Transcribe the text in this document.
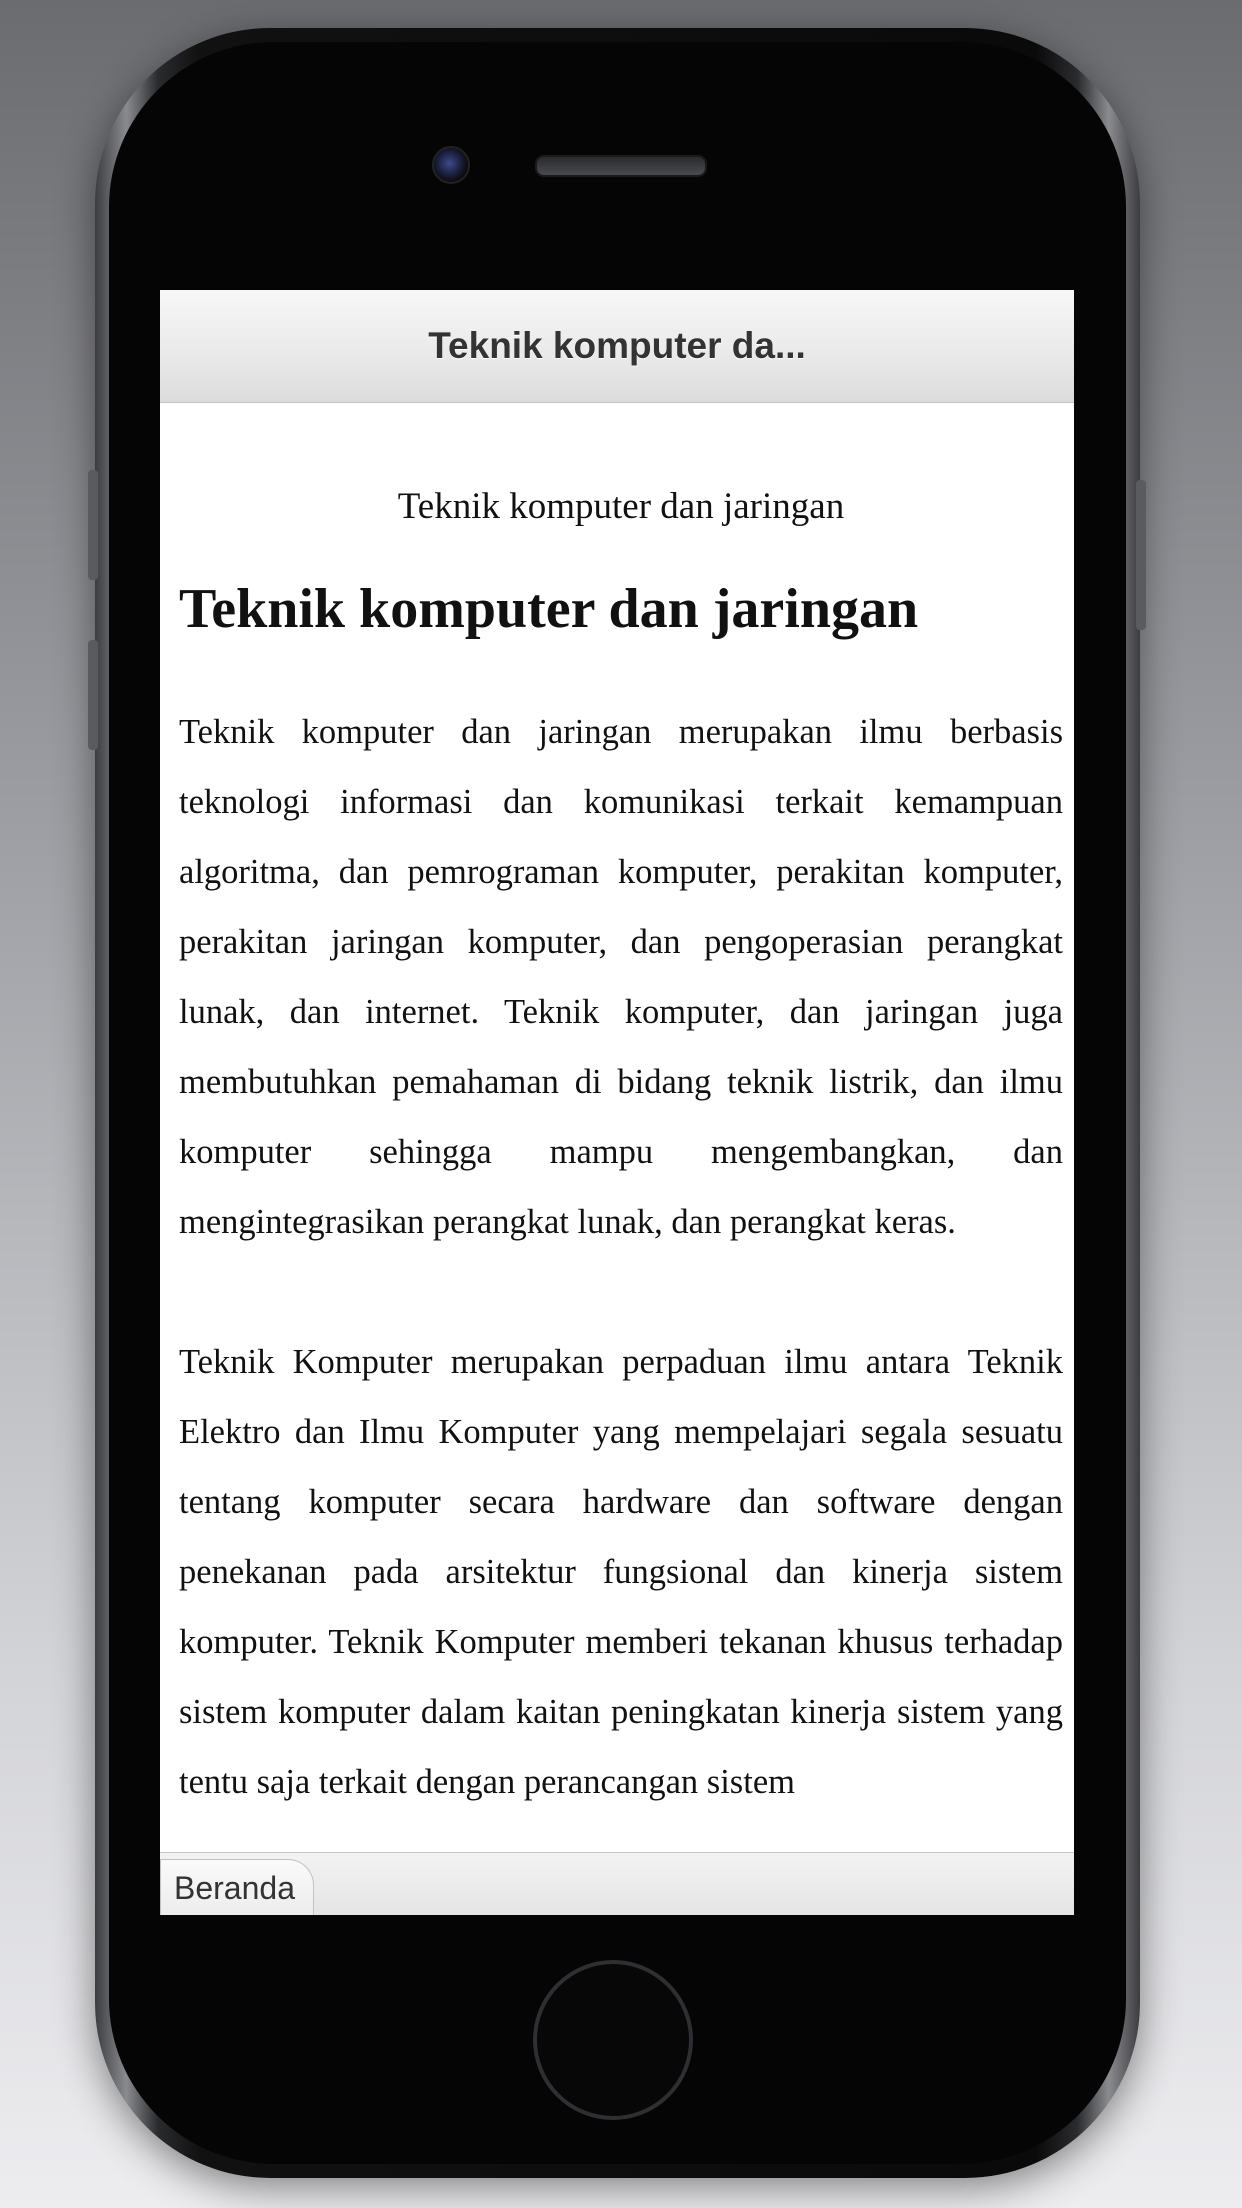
Teknik komputer da...

Teknik komputer dan jaringan

Teknik komputer dan jaringan

Teknik komputer dan jaringan merupakan ilmu berbasis teknologi informasi dan komunikasi terkait kemampuan algoritma, dan pemrograman komputer, perakitan komputer, perakitan jaringan komputer, dan pengoperasian perangkat lunak, dan internet. Teknik komputer, dan jaringan juga membutuhkan pemahaman di bidang teknik listrik, dan ilmu komputer sehingga mampu mengembangkan, dan mengintegrasikan perangkat lunak, dan perangkat keras.

Teknik Komputer merupakan perpaduan ilmu antara Teknik Elektro dan Ilmu Komputer yang mempelajari segala sesuatu tentang komputer secara hardware dan software dengan penekanan pada arsitektur fungsional dan kinerja sistem komputer. Teknik Komputer memberi tekanan khusus terhadap sistem komputer dalam kaitan peningkatan kinerja sistem yang tentu saja terkait dengan perancangan sistem

Beranda
